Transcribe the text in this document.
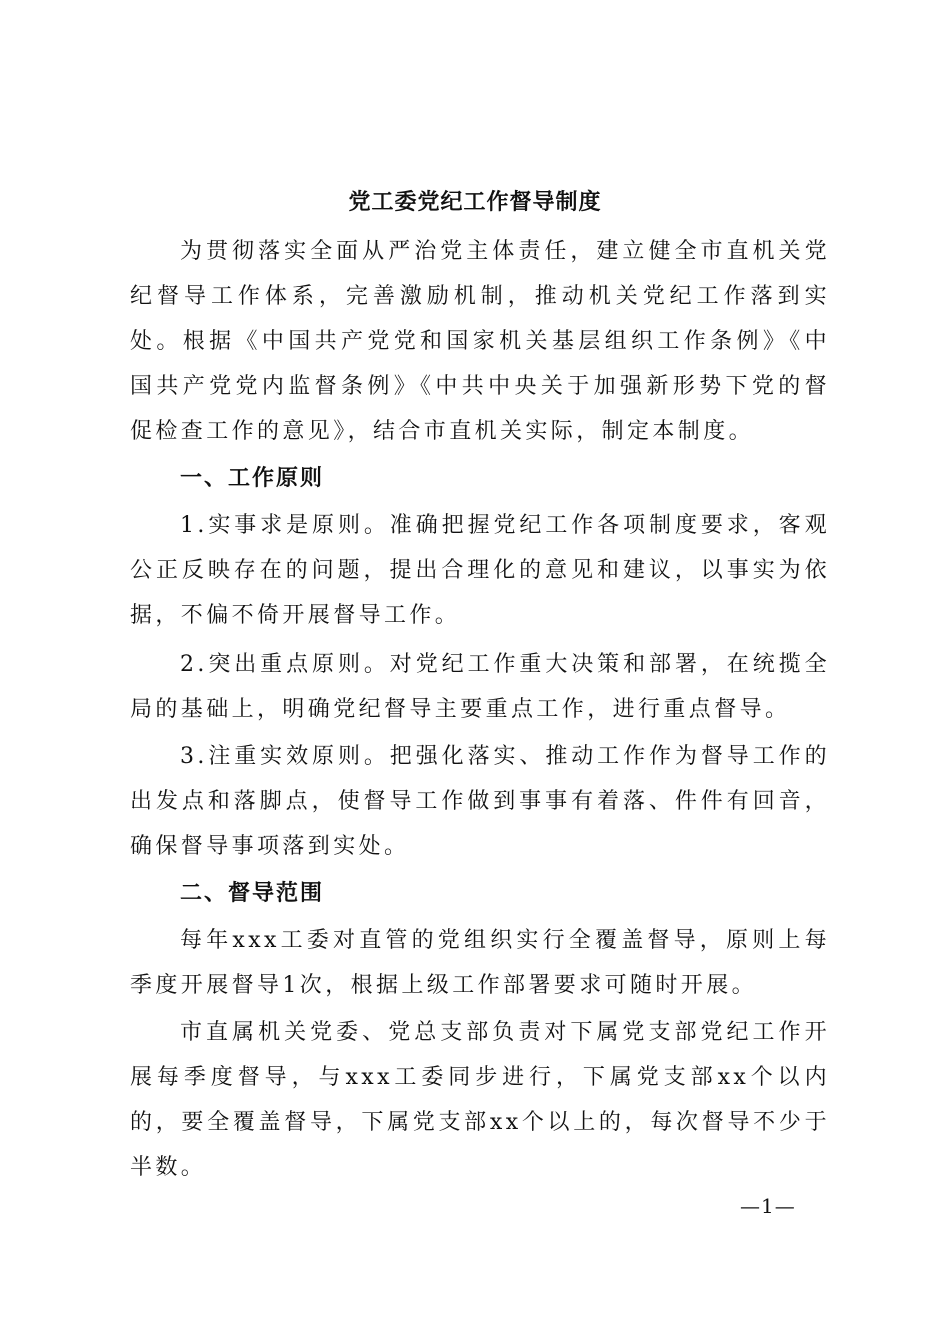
党工委党纪工作督导制度
为贯彻落实全面从严治党主体责任，建立健全市直机关党纪督导工作体系，完善激励机制，推动机关党纪工作落到实处。根据《中国共产党党和国家机关基层组织工作条例》《中国共产党党内监督条例》《中共中央关于加强新形势下党的督促检查工作的意见》，结合市直机关实际，制定本制度。
一、工作原则
1.实事求是原则。准确把握党纪工作各项制度要求，客观公正反映存在的问题，提出合理化的意见和建议，以事实为依据，不偏不倚开展督导工作。
2.突出重点原则。对党纪工作重大决策和部署，在统揽全局的基础上，明确党纪督导主要重点工作，进行重点督导。
3.注重实效原则。把强化落实、推动工作作为督导工作的出发点和落脚点，使督导工作做到事事有着落、件件有回音，确保督导事项落到实处。
二、督导范围
每年xxx工委对直管的党组织实行全覆盖督导，原则上每季度开展督导1次，根据上级工作部署要求可随时开展。
市直属机关党委、党总支部负责对下属党支部党纪工作开展每季度督导，与xxx工委同步进行，下属党支部xx个以内的，要全覆盖督导，下属党支部xx个以上的，每次督导不少于半数。
—1—
